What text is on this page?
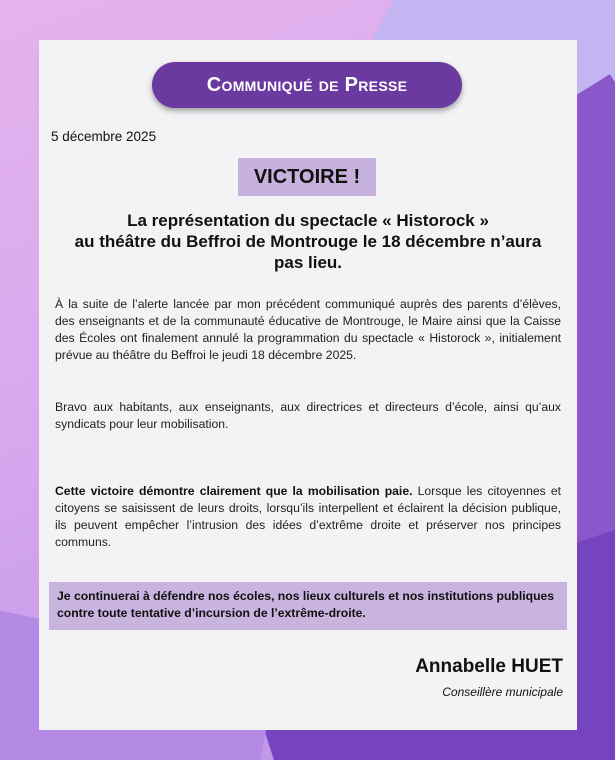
Communiqué de Presse
5 décembre 2025
VICTOIRE !
La représentation du spectacle « Historock »
au théâtre du Beffroi de Montrouge le 18 décembre n’aura
pas lieu.

À la suite de l’alerte lancée par mon précédent communiqué auprès des parents d’élèves, des enseignants et de la communauté éducative de Montrouge, le Maire ainsi que la Caisse des Écoles ont finalement annulé la programmation du spectacle « Historock », initialement prévue au théâtre du Beffroi le jeudi 18 décembre 2025.

Bravo aux habitants, aux enseignants, aux directrices et directeurs d’école, ainsi qu’aux syndicats pour leur mobilisation.

Cette victoire démontre clairement que la mobilisation paie. Lorsque les citoyennes et citoyens se saisissent de leurs droits, lorsqu’ils interpellent et éclairent la décision publique, ils peuvent empêcher l’intrusion des idées d’extrême droite et préserver nos principes communs.

Je continuerai à défendre nos écoles, nos lieux culturels et nos institutions publiques contre toute tentative d’incursion de l’extrême-droite.
Annabelle HUET
Conseillère municipale
